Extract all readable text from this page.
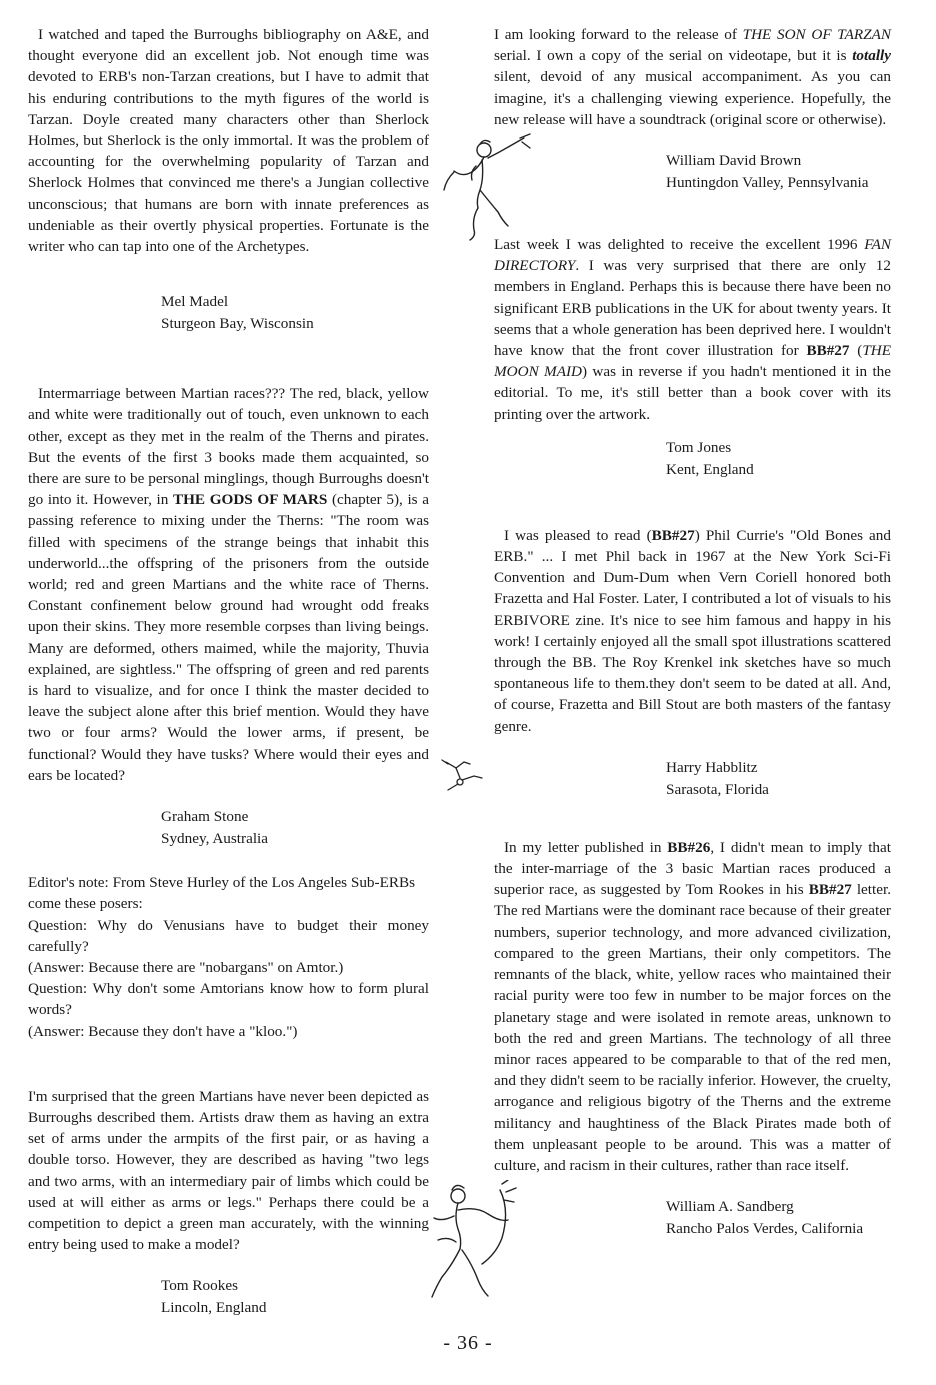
I watched and taped the Burroughs bibliography on A&E, and thought everyone did an excellent job. Not enough time was devoted to ERB's non-Tarzan creations, but I have to admit that his enduring contributions to the myth figures of the world is Tarzan. Doyle created many characters other than Sherlock Holmes, but Sherlock is the only immortal. It was the problem of accounting for the overwhelming popularity of Tarzan and Sherlock Holmes that convinced me there's a Jungian collective unconscious; that humans are born with innate preferences as undeniable as their overtly physical properties. Fortunate is the writer who can tap into one of the Archetypes.

Mel Madel
Sturgeon Bay, Wisconsin

Intermarriage between Martian races??? The red, black, yellow and white were traditionally out of touch, even unknown to each other, except as they met in the realm of the Therns and pirates. But the events of the first 3 books made them acquainted, so there are sure to be personal minglings, though Burroughs doesn't go into it. However, in THE GODS OF MARS (chapter 5), is a passing reference to mixing under the Therns: "The room was filled with specimens of the strange beings that inhabit this underworld...the offspring of the prisoners from the outside world; red and green Martians and the white race of Therns. Constant confinement below ground had wrought odd freaks upon their skins. They more resemble corpses than living beings. Many are deformed, others maimed, while the majority, Thuvia explained, are sightless." The offspring of green and red parents is hard to visualize, and for once I think the master decided to leave the subject alone after this brief mention. Would they have two or four arms? Would the lower arms, if present, be functional? Would they have tusks? Where would their eyes and ears be located?

Graham Stone
Sydney, Australia

Editor's note: From Steve Hurley of the Los Angeles Sub-ERBs come these posers:

Question: Why do Venusians have to budget their money carefully?

(Answer: Because there are "nobargans" on Amtor.)

Question: Why don't some Amtorians know how to form plural words?

(Answer: Because they don't have a "kloo.")

I'm surprised that the green Martians have never been depicted as Burroughs described them. Artists draw them as having an extra set of arms under the armpits of the first pair, or as having a double torso. However, they are described as having "two legs and two arms, with an intermediary pair of limbs which could be used at will either as arms or legs." Perhaps there could be a competition to depict a green man accurately, with the winning entry being used to make a model?

Tom Rookes
Lincoln, England

I am looking forward to the release of THE SON OF TARZAN serial. I own a copy of the serial on videotape, but it is totally silent, devoid of any musical accompaniment. As you can imagine, it's a challenging viewing experience. Hopefully, the new release will have a soundtrack (original score or otherwise).

William David Brown
Huntingdon Valley, Pennsylvania

Last week I was delighted to receive the excellent 1996 FAN DIRECTORY. I was very surprised that there are only 12 members in England. Perhaps this is because there have been no significant ERB publications in the UK for about twenty years. It seems that a whole generation has been deprived here. I wouldn't have know that the front cover illustration for BB#27 (THE MOON MAID) was in reverse if you hadn't mentioned it in the editorial. To me, it's still better than a book cover with its printing over the artwork.

Tom Jones
Kent, England

I was pleased to read (BB#27) Phil Currie's "Old Bones and ERB." ... I met Phil back in 1967 at the New York Sci-Fi Convention and Dum-Dum when Vern Coriell honored both Frazetta and Hal Foster. Later, I contributed a lot of visuals to his ERBIVORE zine. It's nice to see him famous and happy in his work! I certainly enjoyed all the small spot illustrations scattered through the BB. The Roy Krenkel ink sketches have so much spontaneous life to them.they don't seem to be dated at all. And, of course, Frazetta and Bill Stout are both masters of the fantasy genre.

Harry Habblitz
Sarasota, Florida

In my letter published in BB#26, I didn't mean to imply that the inter-marriage of the 3 basic Martian races produced a superior race, as suggested by Tom Rookes in his BB#27 letter. The red Martians were the dominant race because of their greater numbers, superior technology, and more advanced civilization, compared to the green Martians, their only competitors. The remnants of the black, white, yellow races who maintained their racial purity were too few in number to be major forces on the planetary stage and were isolated in remote areas, unknown to both the red and green Martians. The technology of all three minor races appeared to be comparable to that of the red men, and they didn't seem to be racially inferior. However, the cruelty, arrogance and religious bigotry of the Therns and the extreme militancy and haughtiness of the Black Pirates made both of them unpleasant people to be around. This was a matter of culture, and racism in their cultures, rather than race itself.

William A. Sandberg
Rancho Palos Verdes, California
- 36 -
